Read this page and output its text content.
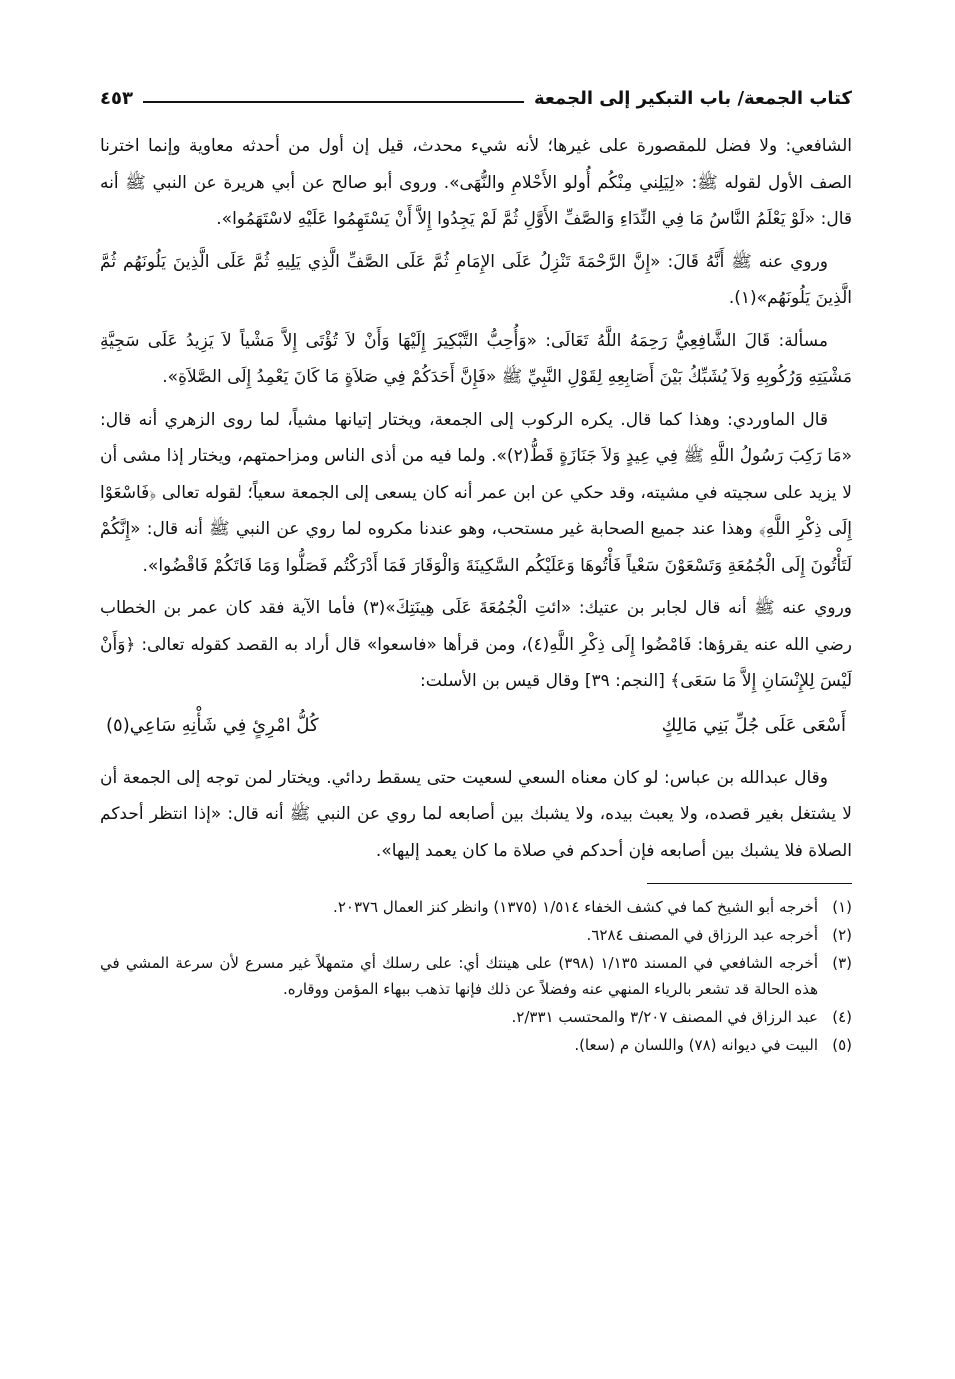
كتاب الجمعة/ باب التبكير إلى الجمعة
٤٥٣

الشافعي: ولا فضل للمقصورة على غيرها؛ لأنه شيء محدث، قيل إن أول من أحدثه معاوية وإنما اخترنا الصف الأول لقوله ﷺ: «لِيَلِني مِنْكُم أُولو الأَحْلامِ والنُّهَى». وروى أبو صالح عن أبي هريرة عن النبي ﷺ أنه قال: «لَوْ يَعْلَمُ النَّاسُ مَا فِي النِّدَاءِ وَالصَّفِّ الأَوَّلِ ثُمَّ لَمْ يَجِدُوا إِلاَّ أَنْ يَسْتَهِمُوا عَلَيْهِ لاسْتَهَمُوا».

وروي عنه ﷺ أَنَّهُ قَالَ: «إِنَّ الرَّحْمَةَ تَنْزِلُ عَلَى الإِمَامِ ثُمَّ عَلَى الصَّفِّ الَّذِي يَلِيهِ ثُمَّ عَلَى الَّذِينَ يَلُونَهُم ثُمَّ الَّذِينَ يَلُونَهُم»(١).

مسألة: قَالَ الشَّافِعِيُّ رَحِمَهُ اللَّهُ تَعَالَى: «وَأُحِبُّ التَّبْكِيرَ إِلَيْهَا وَأَنْ لاَ تُؤْتَى إِلاَّ مَشْياً لاَ يَزِيدُ عَلَى سَجِيَّةِ مَشْيَتِهِ وَرُكُوبِهِ وَلاَ يُشَبِّكُ بَيْنَ أَصَابِعِهِ لِقَوْلِ النَّبِيِّ ﷺ «فَإِنَّ أَحَدَكُمْ فِي صَلاَةٍ مَا كَانَ يَعْمِدُ إِلَى الصَّلاَةِ».

قال الماوردي: وهذا كما قال. يكره الركوب إلى الجمعة، ويختار إتيانها مشياً، لما روى الزهري أنه قال: «مَا رَكِبَ رَسُولُ اللَّهِ ﷺ فِي عِيدٍ وَلاَ جَنَازَةٍ قَطُّ(٢)». ولما فيه من أذى الناس ومزاحمتهم، ويختار إذا مشى أن لا يزيد على سجيته في مشيته، وقد حكي عن ابن عمر أنه كان يسعى إلى الجمعة سعياً؛ لقوله تعالى ﴿فَاسْعَوْا إِلَى ذِكْرِ اللَّهِ﴾ وهذا عند جميع الصحابة غير مستحب، وهو عندنا مكروه لما روي عن النبي ﷺ أنه قال: «إِنَّكُمْ لَتَأْتُونَ إِلَى الْجُمُعَةِ وَتَسْعَوْنَ سَعْياً فَأْتُوهَا وَعَلَيْكُم السَّكِينَةَ وَالْوَقَارَ فَمَا أَدْرَكْتُم فَصَلُّوا وَمَا فَاتَكُمْ فَاقْضُوا».

وروي عنه ﷺ أنه قال لجابر بن عتيك: «ائتِ الْجُمُعَةَ عَلَى هِينَتِكَ»(٣) فأما الآية فقد كان عمر بن الخطاب رضي الله عنه يقرؤها: فَامْضُوا إِلَى ذِكْرِ اللَّهِ(٤)، ومن قرأها «فاسعوا» قال أراد به القصد كقوله تعالى: ﴿وَأَنْ لَيْسَ لِلإِنْسَانِ إِلاَّ مَا سَعَى﴾ [النجم: ٣٩] وقال قيس بن الأسلت:

أَسْعَى عَلَى جُلِّ بَنِي مَالِكٍ
كُلُّ امْرِئٍ فِي شَأْنِهِ سَاعِي(٥)

وقال عبدالله بن عباس: لو كان معناه السعي لسعيت حتى يسقط ردائي. ويختار لمن توجه إلى الجمعة أن لا يشتغل بغير قصده، ولا يعبث بيده، ولا يشبك بين أصابعه لما روي عن النبي ﷺ أنه قال: «إذا انتظر أحدكم الصلاة فلا يشبك بين أصابعه فإن أحدكم في صلاة ما كان يعمد إليها».

(١)
أخرجه أبو الشيخ كما في كشف الخفاء ١/٥١٤ (١٣٧٥) وانظر كنز العمال ٢٠٣٧٦.
(٢)
أخرجه عبد الرزاق في المصنف ٦٢٨٤.
(٣)
أخرجه الشافعي في المسند ١/١٣٥ (٣٩٨) على هينتك أي: على رسلك أي متمهلاً غير مسرع لأن سرعة المشي في هذه الحالة قد تشعر بالرياء المنهي عنه وفضلاً عن ذلك فإنها تذهب ببهاء المؤمن ووقاره.
(٤)
عبد الرزاق في المصنف ٣/٢٠٧ والمحتسب ٢/٣٣١.
(٥)
البيت في ديوانه (٧٨) واللسان م (سعا).
